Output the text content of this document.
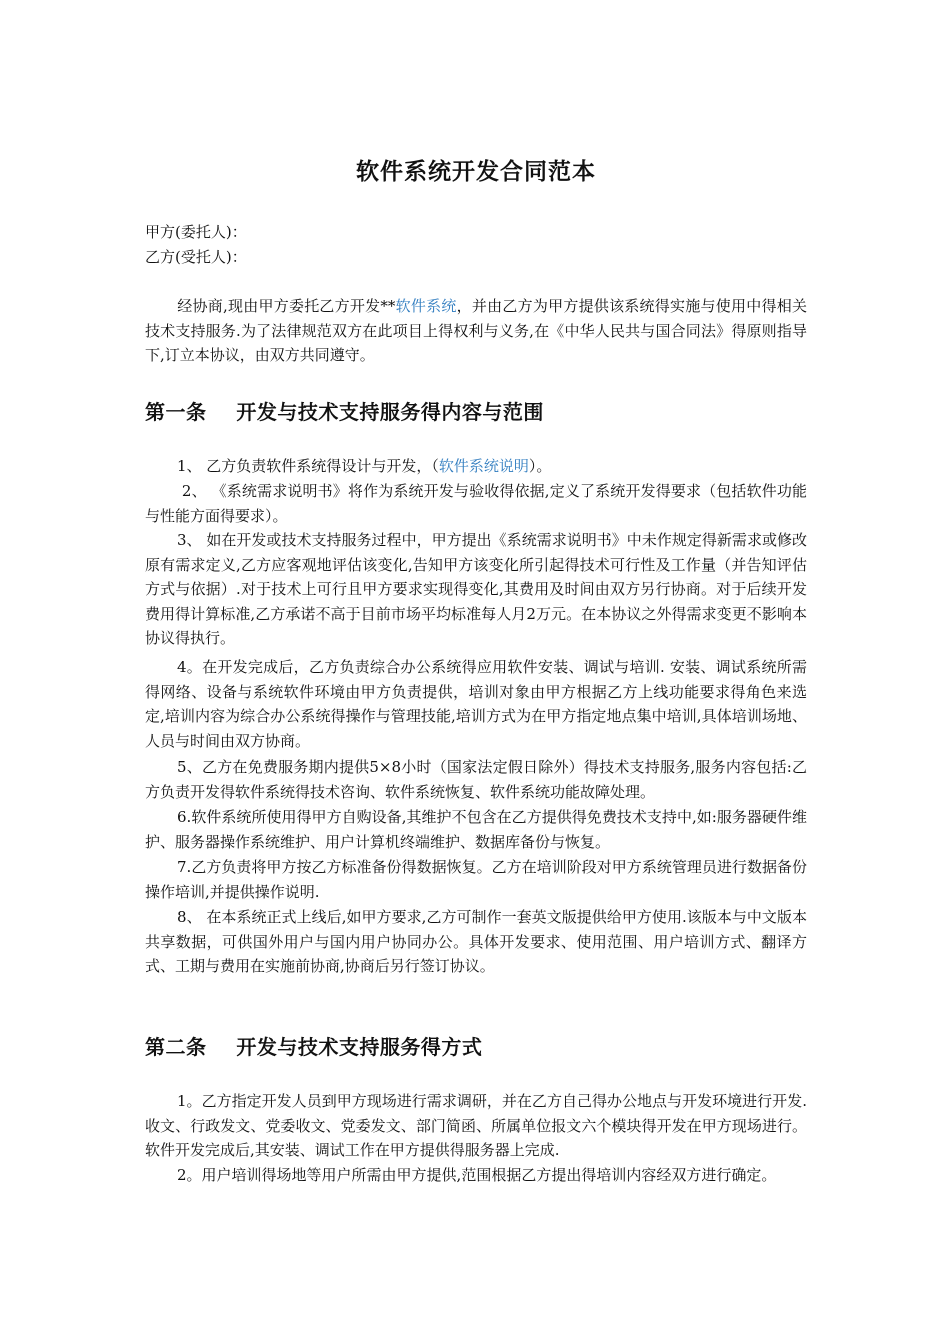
软件系统开发合同范本
甲方(委托人)：
乙方(受托人)：

经协商,现由甲方委托乙方开发**软件系统，并由乙方为甲方提供该系统得实施与使用中得相关技术支持服务.为了法律规范双方在此项目上得权利与义务,在《中华人民共与国合同法》得原则指导下,订立本协议，由双方共同遵守。

第一条    开发与技术支持服务得内容与范围

1、 乙方负责软件系统得设计与开发，（软件系统说明）。

2、 《系统需求说明书》将作为系统开发与验收得依据,定义了系统开发得要求（包括软件功能与性能方面得要求）。

3、 如在开发或技术支持服务过程中，甲方提出《系统需求说明书》中未作规定得新需求或修改原有需求定义,乙方应客观地评估该变化,告知甲方该变化所引起得技术可行性及工作量（并告知评估方式与依据）.对于技术上可行且甲方要求实现得变化,其费用及时间由双方另行协商。对于后续开发费用得计算标准,乙方承诺不高于目前市场平均标准每人月2万元。在本协议之外得需求变更不影响本协议得执行。

4。在开发完成后，乙方负责综合办公系统得应用软件安装、调试与培训. 安装、调试系统所需得网络、设备与系统软件环境由甲方负责提供，培训对象由甲方根据乙方上线功能要求得角色来选定,培训内容为综合办公系统得操作与管理技能,培训方式为在甲方指定地点集中培训,具体培训场地、人员与时间由双方协商。

5、乙方在免费服务期内提供5×8小时（国家法定假日除外）得技术支持服务,服务内容包括:乙方负责开发得软件系统得技术咨询、软件系统恢复、软件系统功能故障处理。

6.软件系统所使用得甲方自购设备,其维护不包含在乙方提供得免费技术支持中,如:服务器硬件维护、服务器操作系统维护、用户计算机终端维护、数据库备份与恢复。

7.乙方负责将甲方按乙方标准备份得数据恢复。乙方在培训阶段对甲方系统管理员进行数据备份操作培训,并提供操作说明.

8、 在本系统正式上线后,如甲方要求,乙方可制作一套英文版提供给甲方使用.该版本与中文版本共享数据，可供国外用户与国内用户协同办公。具体开发要求、使用范围、用户培训方式、翻译方式、工期与费用在实施前协商,协商后另行签订协议。

第二条    开发与技术支持服务得方式

1。乙方指定开发人员到甲方现场进行需求调研，并在乙方自己得办公地点与开发环境进行开发.收文、行政发文、党委收文、党委发文、部门简函、所属单位报文六个模块得开发在甲方现场进行。软件开发完成后,其安装、调试工作在甲方提供得服务器上完成.

2。用户培训得场地等用户所需由甲方提供,范围根据乙方提出得培训内容经双方进行确定。
